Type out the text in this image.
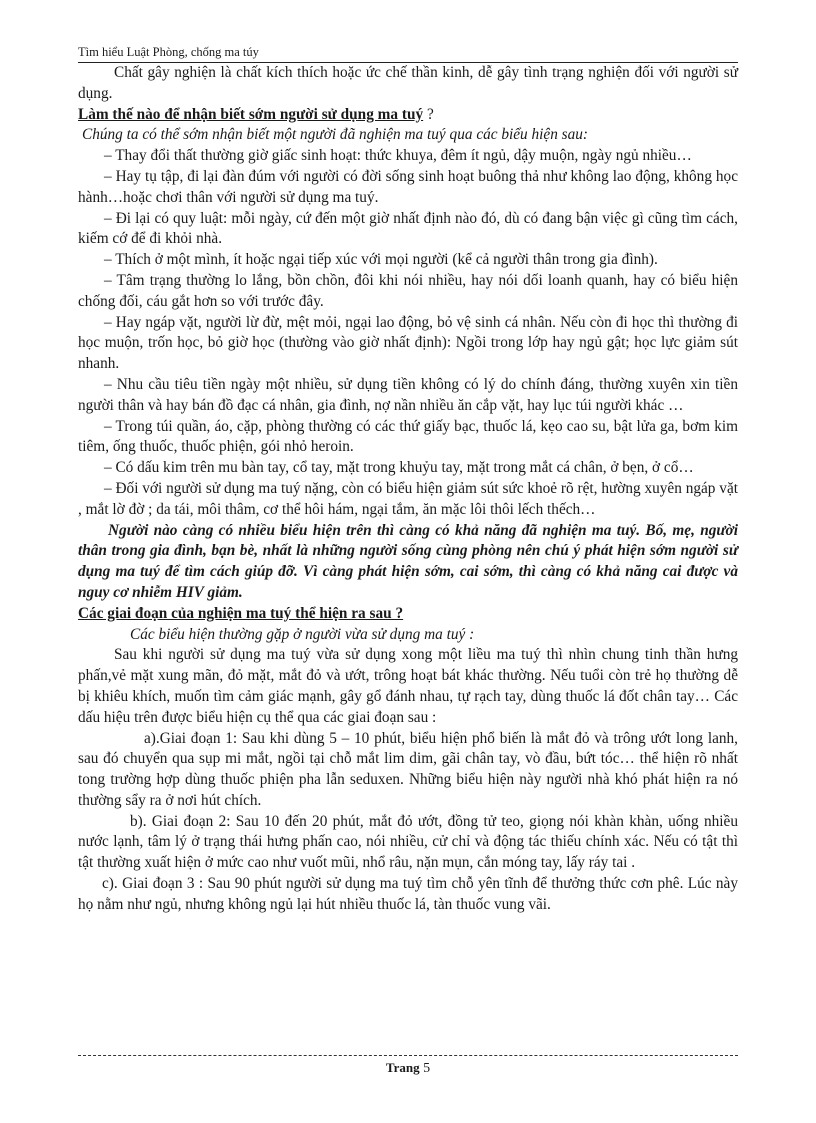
Tìm hiểu Luật Phòng, chống ma túy

Chất gây nghiện là chất kích thích hoặc ức chế thần kinh, dễ gây tình trạng nghiện đối với người sử dụng.

Làm thế nào để nhận biết sớm người sử dụng ma tuý ?

Chúng ta có thể sớm nhận biết một người đã nghiện ma tuý qua các biểu hiện sau:

– Thay đổi thất thường giờ giấc sinh hoạt: thức khuya, đêm ít ngủ, dậy muộn, ngày ngủ nhiều…

– Hay tụ tập, đi lại đàn đúm với người có đời sống sinh hoạt buông thả như không lao động, không học hành…hoặc chơi thân với người sử dụng ma tuý.

– Đi lại có quy luật: mỗi ngày, cứ đến một giờ nhất định nào đó, dù có đang bận việc gì cũng tìm cách, kiếm cớ để đi khỏi nhà.

– Thích ở một mình, ít hoặc ngại tiếp xúc với mọi người (kể cả người thân trong gia đình).

– Tâm trạng thường lo lắng, bồn chồn, đôi khi nói nhiều, hay nói dối loanh quanh, hay có biểu hiện chống đối, cáu gắt hơn so với trước đây.

– Hay ngáp vặt, người lừ đừ, mệt mỏi, ngại lao động, bỏ vệ sinh cá nhân. Nếu còn đi học thì thường đi học muộn, trốn học, bỏ giờ học (thường vào giờ nhất định): Ngồi trong lớp hay ngủ gật; học lực giảm sút nhanh.

– Nhu cầu tiêu tiền ngày một nhiều, sử dụng tiền không có lý do chính đáng, thường xuyên xin tiền người thân và hay bán đồ đạc cá nhân, gia đình, nợ nần nhiều ăn cắp vặt, hay lục túi người khác …

– Trong túi quần, áo, cặp, phòng thường có các thứ giấy bạc, thuốc lá, kẹo cao su, bật lửa ga, bơm kim tiêm, ống thuốc, thuốc phiện, gói nhỏ heroin.

– Có dấu kim trên mu bàn tay, cổ tay, mặt trong khuỷu tay, mặt trong mắt cá chân, ở bẹn, ở cổ…

– Đối với người sử dụng ma tuý nặng, còn có biểu hiện giảm sút sức khoẻ rõ rệt, hường xuyên ngáp vặt , mắt lờ đờ ; da tái, môi thâm, cơ thể hôi hám, ngại tắm, ăn mặc lôi thôi lếch thếch…

Người nào càng có nhiều biểu hiện trên thì càng có khả năng đã nghiện ma tuý. Bố, mẹ, người thân trong gia đình, bạn bè, nhất là những người sống cùng phòng nên chú ý phát hiện sớm người sử dụng ma tuý để tìm cách giúp đỡ. Vì càng phát hiện sớm, cai sớm, thì càng có khả năng cai được và nguy cơ nhiễm HIV giảm.

Các giai đoạn của nghiện ma tuý thể hiện ra sau ?

Các biểu hiện thường gặp ở người vừa sử dụng ma tuý :

Sau khi người sử dụng ma tuý vừa sử dụng xong một liều ma tuý thì nhìn chung tinh thần hưng phấn,vẻ mặt xung mãn, đỏ mặt, mắt đỏ và ướt, trông hoạt bát khác thường. Nếu tuổi còn trẻ họ thường dễ bị khiêu khích, muốn tìm cảm giác mạnh, gây gổ đánh nhau, tự rạch tay, dùng thuốc lá đốt chân tay… Các dấu hiệu trên được biểu hiện cụ thể qua các giai đoạn sau :

a).Giai đoạn 1: Sau khi dùng 5 – 10 phút, biểu hiện phổ biến là mắt đỏ và trông ướt long lanh, sau đó chuyển qua sụp mi mắt, ngồi tại chỗ mắt lim dim, gãi chân tay, vò đầu, bứt tóc… thể hiện rõ nhất tong trường hợp dùng thuốc phiện pha lẫn seduxen. Những biểu hiện này người nhà khó phát hiện ra nó thường sẩy ra ở nơi hút chích.

b). Giai đoạn 2: Sau 10 đến 20 phút, mắt đỏ ướt, đồng tử teo, giọng nói khàn khàn, uống nhiều nước lạnh, tâm lý ở trạng thái hưng phấn cao, nói nhiều, cử chỉ và động tác thiếu chính xác. Nếu có tật thì tật thường xuất hiện ở mức cao như vuốt mũi, nhổ râu, nặn mụn, cắn móng tay, lấy ráy tai .

c). Giai đoạn 3 : Sau 90 phút người sử dụng ma tuý tìm chỗ yên tĩnh để thưởng thức cơn phê. Lúc này họ nằm như ngủ, nhưng không ngủ lại hút nhiều thuốc lá, tàn thuốc vung vãi.

Trang 5
